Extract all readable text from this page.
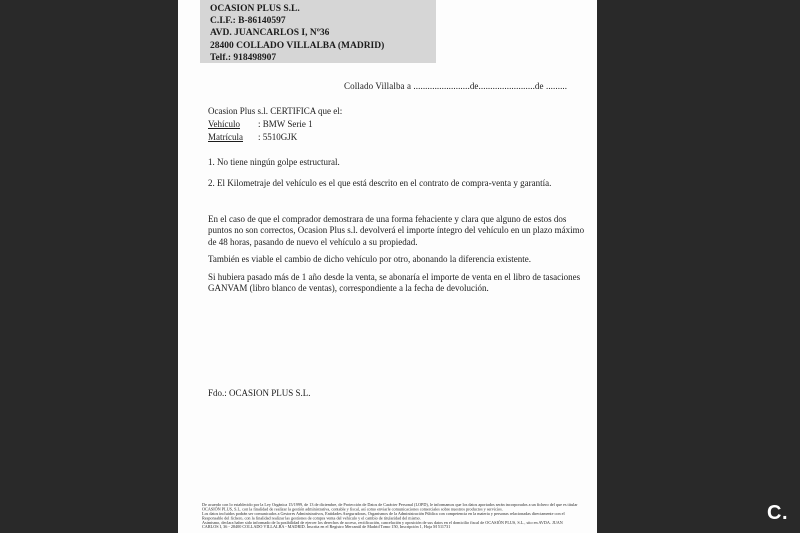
OCASION PLUS S.L.
C.I.F.: B-86140597
AVD. JUANCARLOS I, Nº36
28400 COLLADO VILLALBA (MADRID)
Telf.: 918498907
Collado Villalba a ........................de........................de .........
Ocasion Plus s.l. CERTIFICA que el:
Vehículo : BMW Serie 1
Matrícula : 5510GJK
1. No tiene ningún golpe estructural.
2. El Kilometraje del vehículo es el que está descrito en el contrato de compra-venta y garantía.
En el caso de que el comprador demostrara de una forma fehaciente y clara que alguno de estos dos puntos no son correctos, Ocasion Plus s.l. devolverá el importe íntegro del vehículo en un plazo máximo de 48 horas, pasando de nuevo el vehículo a su propiedad.
También es viable el cambio de dicho vehículo por otro, abonando la diferencia existente.
Si hubiera pasado más de 1 año desde la venta, se abonaría el importe de venta en el libro de tasaciones GANVAM (libro blanco de ventas), correspondiente a la fecha de devolución.
Fdo.: OCASION PLUS S.L.
De acuerdo con lo establecido por la Ley Orgánica 15/1999, de 13 de diciembre, de Protección de Datos de Carácter Personal (LOPD), le informamos que los datos aportados serán incorporados a un fichero del que es titular
OCASIÓN PLUS, S.L. con la finalidad de realizar la gestión administrativa, contable y fiscal, así como enviarle comunicaciones comerciales sobre nuestros productos y servicios.
Los datos incluidos podrán ser comunicados a Gestores Administrativos, Entidades Aseguradoras, Organismos de la Administración Pública con competencia en la materia y personas relacionadas directamente con el
Responsable del fichero, con la finalidad realizar las gestiones de compra venta del vehículo y el cambio de titularidad del mismo.
Asimismo, declara haber sido informado de la posibilidad de ejercer los derechos de acceso, rectificación, cancelación y oposición de sus datos en el domicilio fiscal de OCASIÓN PLUS, S.L., sito en AVDA. JUAN
CARLOS I, 36 - 28400 COLLADO VILLALBA - MADRID. Inscrita en el Registro Mercantil de Madrid Tomo 150, Inscripción 1, Hoja M 511731
C.
